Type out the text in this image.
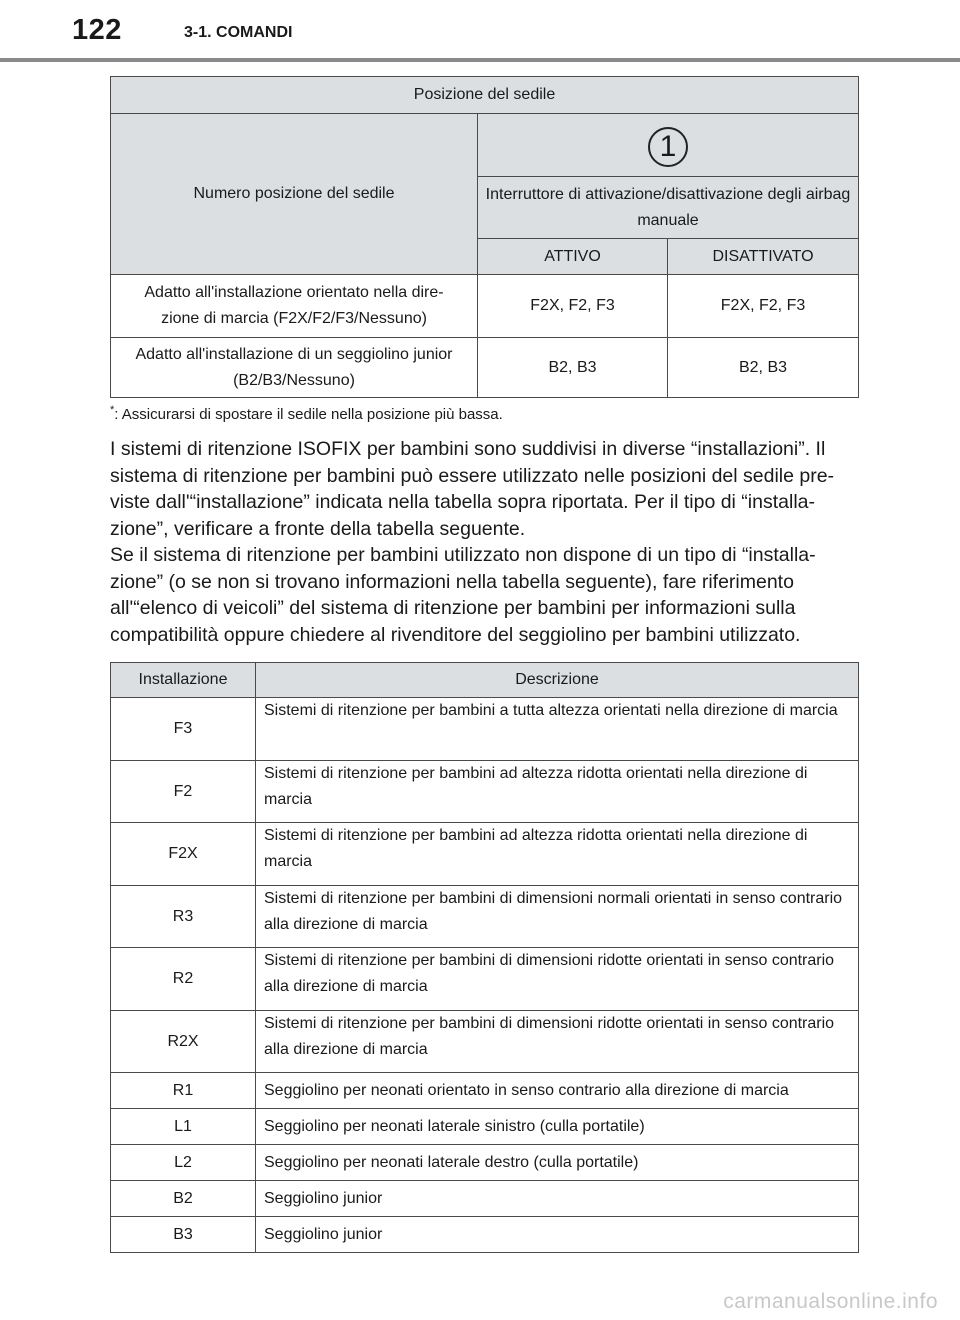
122	3-1. COMANDI
Posizione del sedile		
Numero posizione del sedile	1	
	Interruttore di attivazione/disattivazione degli airbag manuale	
	ATTIVO	DISATTIVATO
Adatto all'installazione orientato nella dire-zione di marcia (F2X/F2/F3/Nessuno)	F2X, F2, F3	F2X, F2, F3
Adatto all'installazione di un seggiolino junior (B2/B3/Nessuno)	B2, B3	B2, B3
*: Assicurarsi di spostare il sedile nella posizione più bassa.

I sistemi di ritenzione ISOFIX per bambini sono suddivisi in diverse “installazioni”. Il sistema di ritenzione per bambini può essere utilizzato nelle posizioni del sedile pre-viste dall'“installazione” indicata nella tabella sopra riportata. Per il tipo di “installa-zione”, verificare a fronte della tabella seguente.

Se il sistema di ritenzione per bambini utilizzato non dispone di un tipo di “installa-zione” (o se non si trovano informazioni nella tabella seguente), fare riferimento all'“elenco di veicoli” del sistema di ritenzione per bambini per informazioni sulla compatibilità oppure chiedere al rivenditore del seggiolino per bambini utilizzato.

Installazione	Descrizione
F3	Sistemi di ritenzione per bambini a tutta altezza orientati nella direzione di marcia
F2	Sistemi di ritenzione per bambini ad altezza ridotta orientati nella direzione di marcia
F2X	Sistemi di ritenzione per bambini ad altezza ridotta orientati nella direzione di marcia
R3	Sistemi di ritenzione per bambini di dimensioni normali orientati in senso contrario alla direzione di marcia
R2	Sistemi di ritenzione per bambini di dimensioni ridotte orientati in senso contrario alla direzione di marcia
R2X	Sistemi di ritenzione per bambini di dimensioni ridotte orientati in senso contrario alla direzione di marcia
R1	Seggiolino per neonati orientato in senso contrario alla direzione di marcia
L1	Seggiolino per neonati laterale sinistro (culla portatile)
L2	Seggiolino per neonati laterale destro (culla portatile)
B2	Seggiolino junior
B3	Seggiolino junior
carmanualsonline.info
